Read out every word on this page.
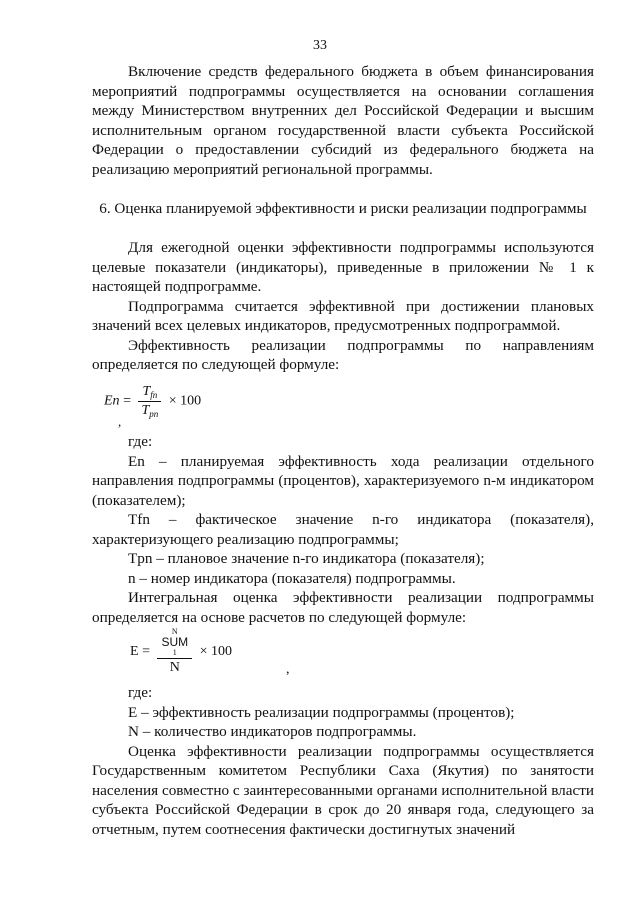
33

Включение средств федерального бюджета в объем финансирования мероприятий подпрограммы осуществляется на основании соглашения между Министерством внутренних дел Российской Федерации и высшим исполнительным органом государственной власти субъекта Российской Федерации о предоставлении субсидий из федерального бюджета на реализацию мероприятий региональной программы.

6. Оценка планируемой эффективности и риски реализации подпрограммы

Для ежегодной оценки эффективности подпрограммы используются целевые показатели (индикаторы), приведенные в приложении № 1 к настоящей подпрограмме.

Подпрограмма считается эффективной при достижении плановых значений всех целевых индикаторов, предусмотренных подпрограммой.

Эффективность реализации подпрограммы по направлениям определяется по следующей формуле:

$En = \frac{T_{fn}}{T_{pn}} \times 100$
,

где:

En – планируемая эффективность хода реализации отдельного направления подпрограммы (процентов), характеризуемого n-м индикатором (показателем);

Tfn – фактическое значение n-го индикатора (показателя), характеризующего реализацию подпрограммы;

Tpn – плановое значение n-го индикатора (показателя);

n – номер индикатора (показателя) подпрограммы.

Интегральная оценка эффективности реализации подпрограммы определяется на основе расчетов по следующей формуле:

E = N
SUM
1
N × 100
,

где:

E – эффективность реализации подпрограммы (процентов);

N – количество индикаторов подпрограммы.

Оценка эффективности реализации подпрограммы осуществляется Государственным комитетом Республики Саха (Якутия) по занятости населения совместно с заинтересованными органами исполнительной власти субъекта Российской Федерации в срок до 20 января года, следующего за отчетным, путем соотнесения фактически достигнутых значений
